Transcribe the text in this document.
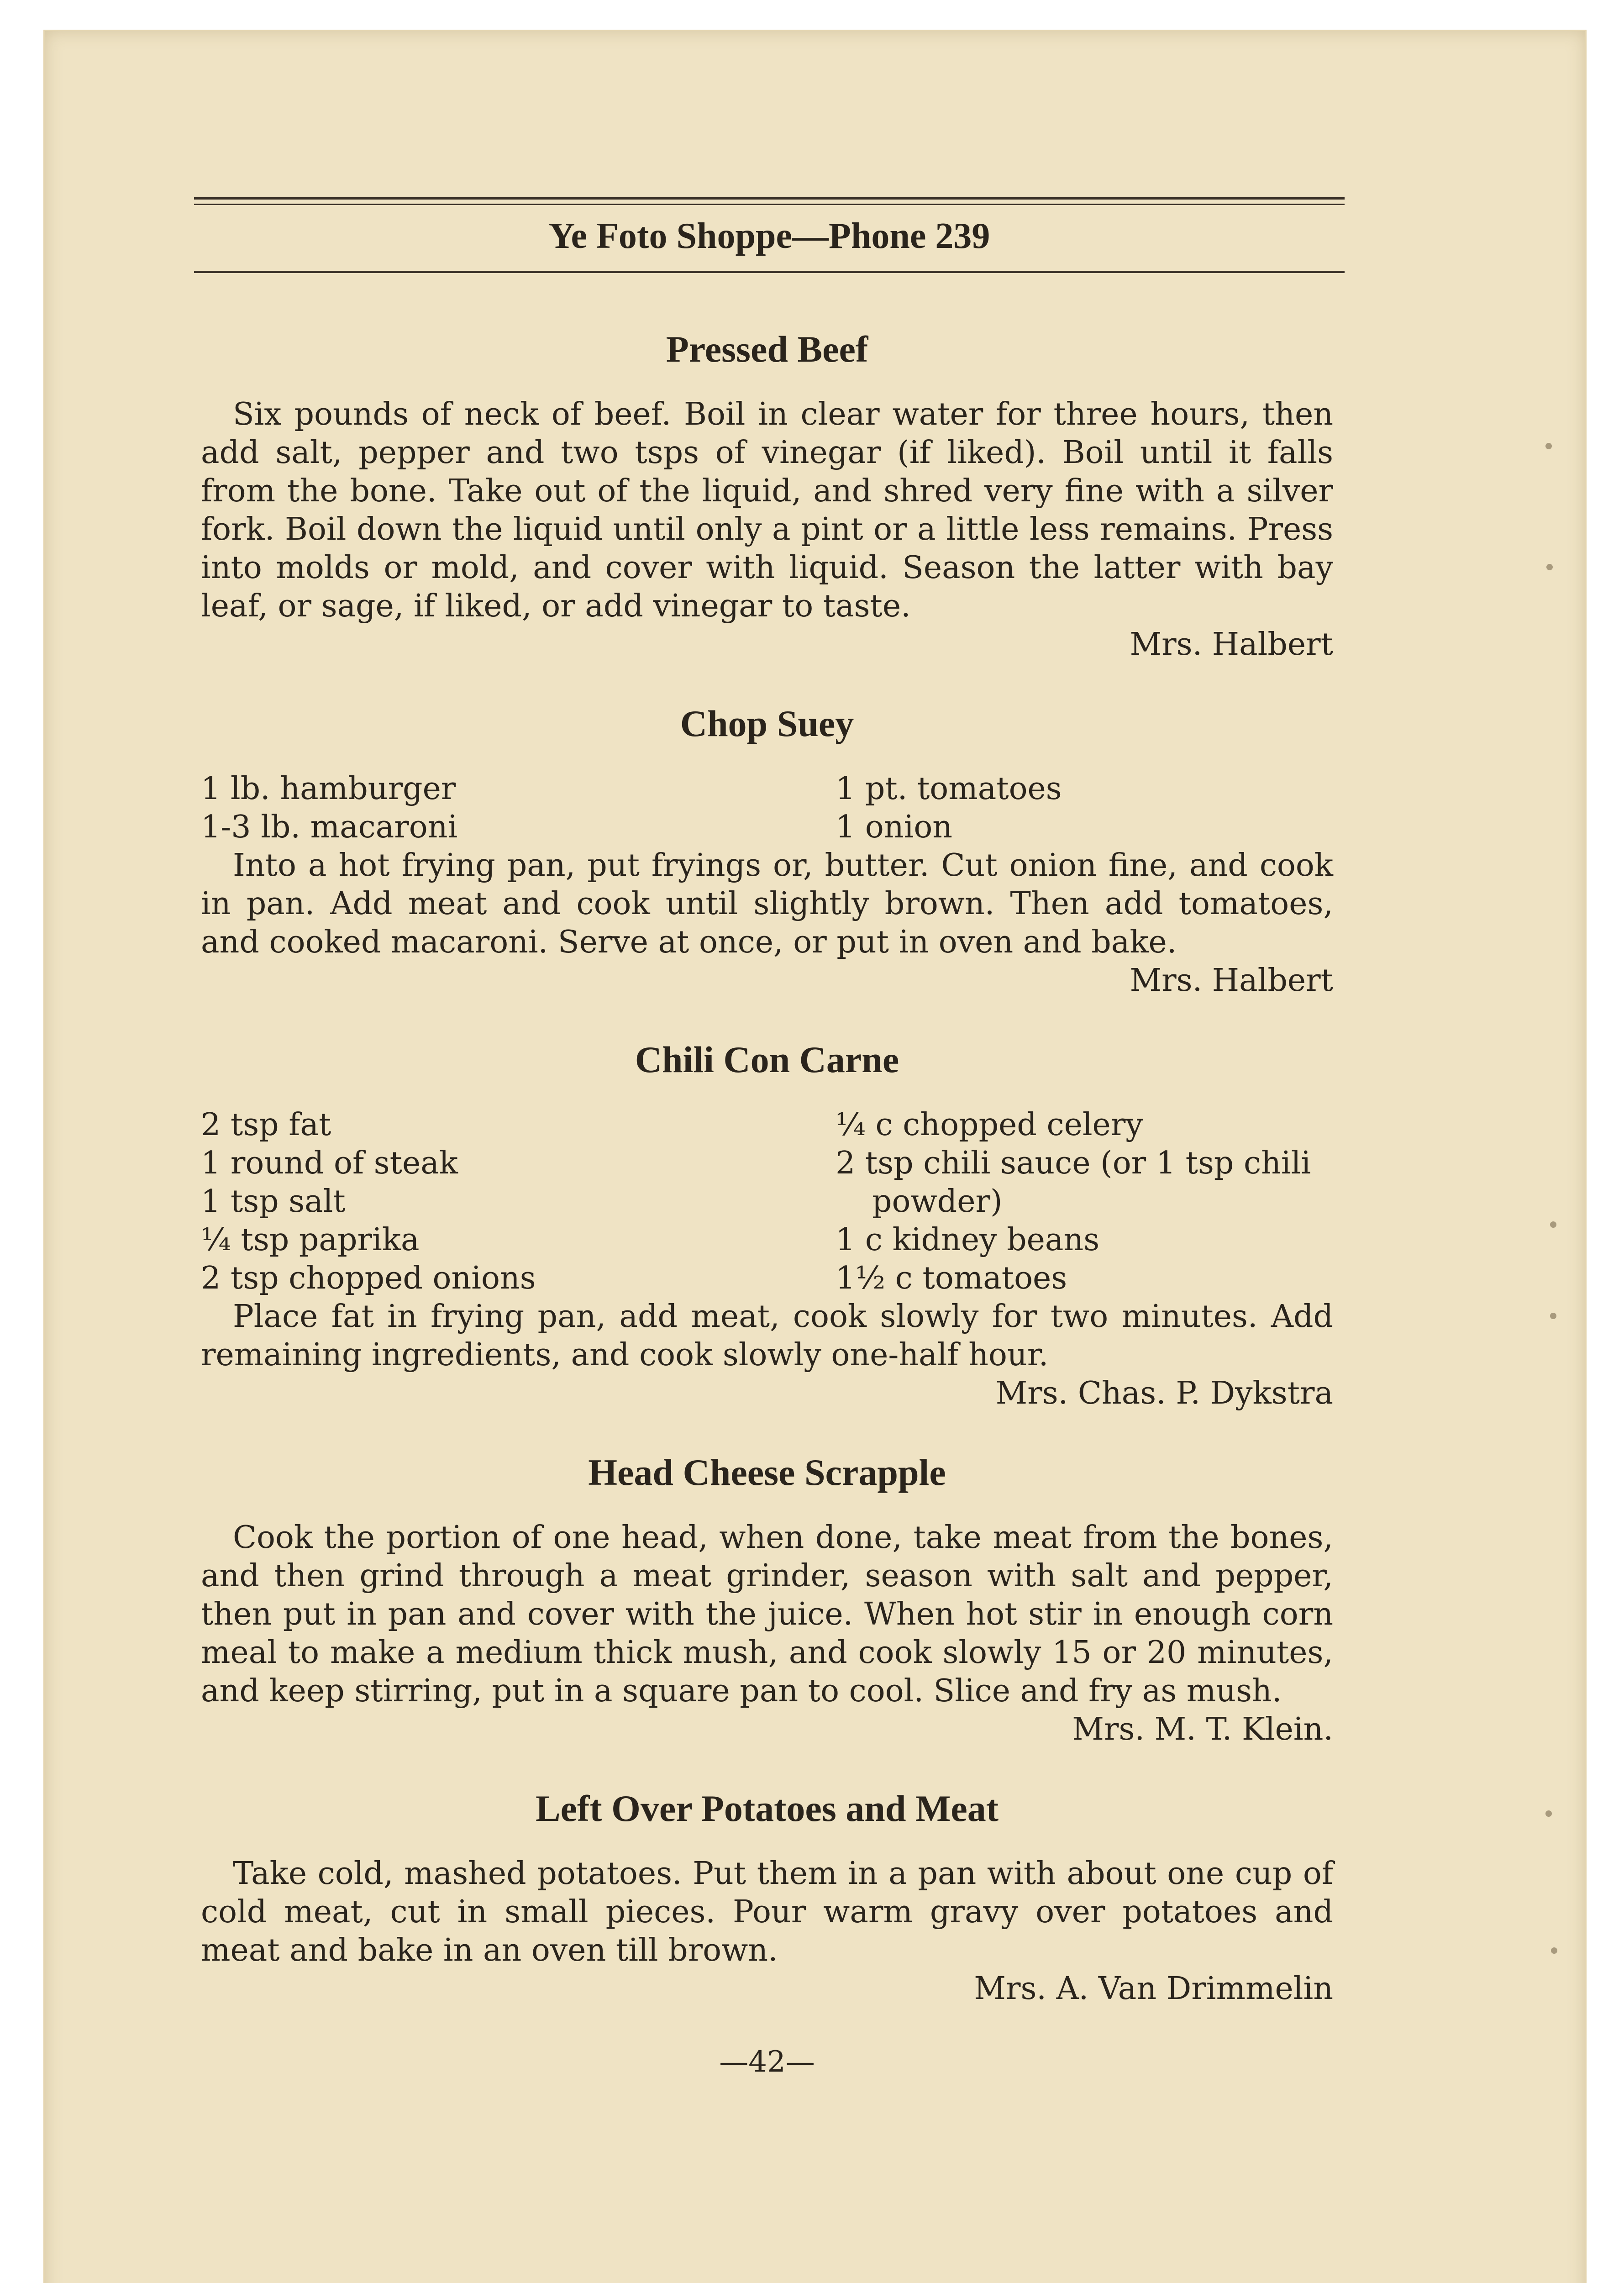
Ye Foto Shoppe—Phone 239
Pressed Beef

Six pounds of neck of beef. Boil in clear water for three hours, then add salt, pepper and two tsps of vinegar (if liked). Boil until it falls from the bone. Take out of the liquid, and shred very fine with a silver fork. Boil down the liquid until only a pint or a little less remains. Press into molds or mold, and cover with liquid. Season the latter with bay leaf, or sage, if liked, or add vinegar to taste.

Mrs. Halbert

Chop Suey
1 lb. hamburger
1-3 lb. macaroni
1 pt. tomatoes
1 onion

Into a hot frying pan, put fryings or, butter. Cut onion fine, and cook in pan. Add meat and cook until slightly brown. Then add tomatoes, and cooked macaroni. Serve at once, or put in oven and bake.

Mrs. Halbert

Chili Con Carne
2 tsp fat
1 round of steak
1 tsp salt
¼ tsp paprika
2 tsp chopped onions
¼ c chopped celery
2 tsp chili sauce (or 1 tsp chili
powder)
1 c kidney beans
1½ c tomatoes

Place fat in frying pan, add meat, cook slowly for two minutes. Add remaining ingredients, and cook slowly one-half hour.

Mrs. Chas. P. Dykstra

Head Cheese Scrapple

Cook the portion of one head, when done, take meat from the bones, and then grind through a meat grinder, season with salt and pepper, then put in pan and cover with the juice. When hot stir in enough corn meal to make a medium thick mush, and cook slowly 15 or 20 minutes, and keep stirring, put in a square pan to cool. Slice and fry as mush.

Mrs. M. T. Klein.

Left Over Potatoes and Meat

Take cold, mashed potatoes. Put them in a pan with about one cup of cold meat, cut in small pieces. Pour warm gravy over potatoes and meat and bake in an oven till brown.

Mrs. A. Van Drimmelin

—42—
